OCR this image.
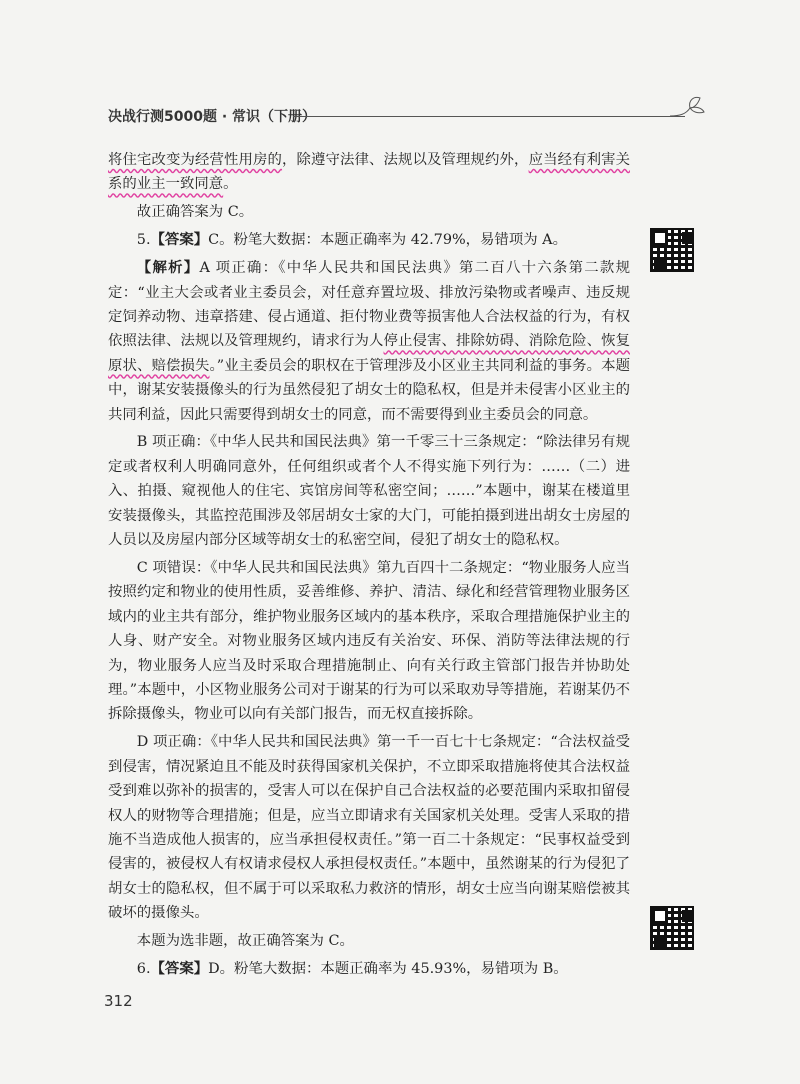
决战行测5000题 · 常识（下册）

将住宅改变为经营性用房的，除遵守法律、法规以及管理规约外，应当经有利害关系的业主一致同意。

故正确答案为 C。

5.【答案】C。粉笔大数据：本题正确率为 42.79%，易错项为 A。

【解析】A 项正确：《中华人民共和国民法典》第二百八十六条第二款规定：“业主大会或者业主委员会，对任意弃置垃圾、排放污染物或者噪声、违反规定饲养动物、违章搭建、侵占通道、拒付物业费等损害他人合法权益的行为，有权依照法律、法规以及管理规约，请求行为人停止侵害、排除妨碍、消除危险、恢复原状、赔偿损失。”业主委员会的职权在于管理涉及小区业主共同利益的事务。本题中，谢某安装摄像头的行为虽然侵犯了胡女士的隐私权，但是并未侵害小区业主的共同利益，因此只需要得到胡女士的同意，而不需要得到业主委员会的同意。

B 项正确：《中华人民共和国民法典》第一千零三十三条规定：“除法律另有规定或者权利人明确同意外，任何组织或者个人不得实施下列行为：……（二）进入、拍摄、窥视他人的住宅、宾馆房间等私密空间；……”本题中，谢某在楼道里安装摄像头，其监控范围涉及邻居胡女士家的大门，可能拍摄到进出胡女士房屋的人员以及房屋内部分区域等胡女士的私密空间，侵犯了胡女士的隐私权。

C 项错误：《中华人民共和国民法典》第九百四十二条规定：“物业服务人应当按照约定和物业的使用性质，妥善维修、养护、清洁、绿化和经营管理物业服务区域内的业主共有部分，维护物业服务区域内的基本秩序，采取合理措施保护业主的人身、财产安全。对物业服务区域内违反有关治安、环保、消防等法律法规的行为，物业服务人应当及时采取合理措施制止、向有关行政主管部门报告并协助处理。”本题中，小区物业服务公司对于谢某的行为可以采取劝导等措施，若谢某仍不拆除摄像头，物业可以向有关部门报告，而无权直接拆除。

D 项正确：《中华人民共和国民法典》第一千一百七十七条规定：“合法权益受到侵害，情况紧迫且不能及时获得国家机关保护，不立即采取措施将使其合法权益受到难以弥补的损害的，受害人可以在保护自己合法权益的必要范围内采取扣留侵权人的财物等合理措施；但是，应当立即请求有关国家机关处理。受害人采取的措施不当造成他人损害的，应当承担侵权责任。”第一百二十条规定：“民事权益受到侵害的，被侵权人有权请求侵权人承担侵权责任。”本题中，虽然谢某的行为侵犯了胡女士的隐私权，但不属于可以采取私力救济的情形，胡女士应当向谢某赔偿被其破坏的摄像头。

本题为选非题，故正确答案为 C。

6.【答案】D。粉笔大数据：本题正确率为 45.93%，易错项为 B。

312
